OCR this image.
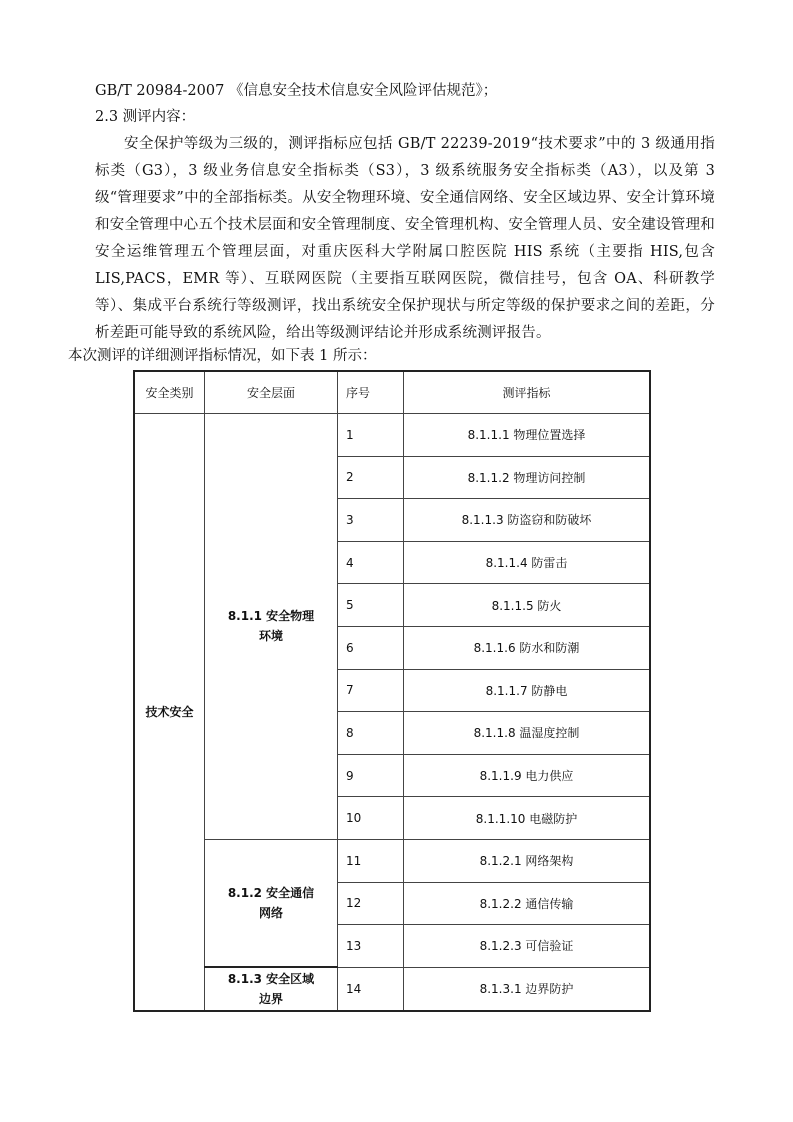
GB/T 20984-2007 《信息安全技术信息安全风险评估规范》；

2.3 测评内容：

安全保护等级为三级的，测评指标应包括 GB/T 22239-2019“技术要求”中的 3 级通用指标类（G3），3 级业务信息安全指标类（S3），3 级系统服务安全指标类（A3），以及第 3 级“管理要求”中的全部指标类。从安全物理环境、安全通信网络、安全区域边界、安全计算环境和安全管理中心五个技术层面和安全管理制度、安全管理机构、安全管理人员、安全建设管理和安全运维管理五个管理层面，对重庆医科大学附属口腔医院 HIS 系统（主要指 HIS,包含 LIS,PACS，EMR 等）、互联网医院（主要指互联网医院，微信挂号，包含 OA、科研教学等）、集成平台系统行等级测评，找出系统安全保护现状与所定等级的保护要求之间的差距，分析差距可能导致的系统风险，给出等级测评结论并形成系统测评报告。

本次测评的详细测评指标情况，如下表 1 所示：

安全类别	安全层面	序号	测评指标
技术安全	8.1.1 安全物理环境	1	8.1.1.1 物理位置选择
		2	8.1.1.2 物理访问控制
		3	8.1.1.3 防盗窃和防破坏
		4	8.1.1.4 防雷击
		5	8.1.1.5 防火
		6	8.1.1.6 防水和防潮
		7	8.1.1.7 防静电
		8	8.1.1.8 温湿度控制
		9	8.1.1.9 电力供应
		10	8.1.1.10 电磁防护
	8.1.2 安全通信网络	11	8.1.2.1 网络架构
		12	8.1.2.2 通信传输
		13	8.1.2.3 可信验证
	8.1.3 安全区域边界	14	8.1.3.1 边界防护
